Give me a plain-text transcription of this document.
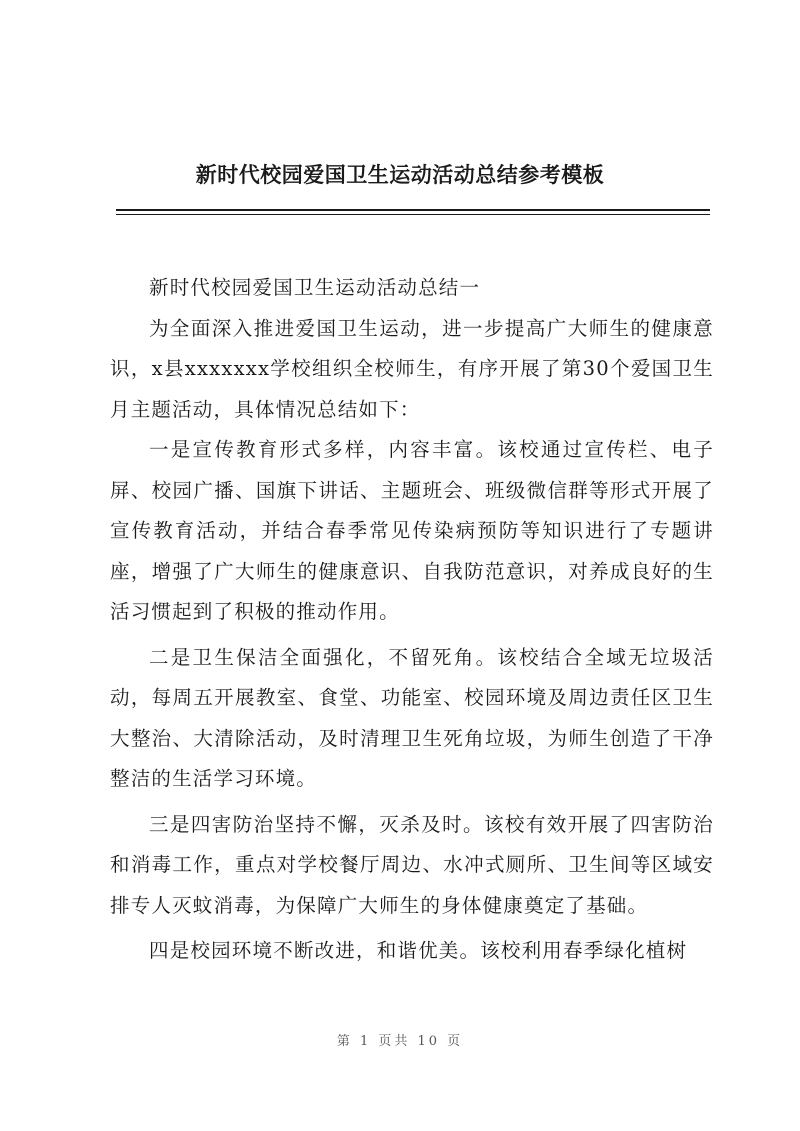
新时代校园爱国卫生运动活动总结参考模板

新时代校园爱国卫生运动活动总结一

为全面深入推进爱国卫生运动，进一步提高广大师生的健康意识，x县xxxxxxx学校组织全校师生，有序开展了第30个爱国卫生月主题活动，具体情况总结如下：

一是宣传教育形式多样，内容丰富。该校通过宣传栏、电子屏、校园广播、国旗下讲话、主题班会、班级微信群等形式开展了宣传教育活动，并结合春季常见传染病预防等知识进行了专题讲座，增强了广大师生的健康意识、自我防范意识，对养成良好的生活习惯起到了积极的推动作用。

二是卫生保洁全面强化，不留死角。该校结合全域无垃圾活动，每周五开展教室、食堂、功能室、校园环境及周边责任区卫生大整治、大清除活动，及时清理卫生死角垃圾，为师生创造了干净整洁的生活学习环境。

三是四害防治坚持不懈，灭杀及时。该校有效开展了四害防治和消毒工作，重点对学校餐厅周边、水冲式厕所、卫生间等区域安排专人灭蚊消毒，为保障广大师生的身体健康奠定了基础。

四是校园环境不断改进，和谐优美。该校利用春季绿化植树

第 1 页共 10 页
